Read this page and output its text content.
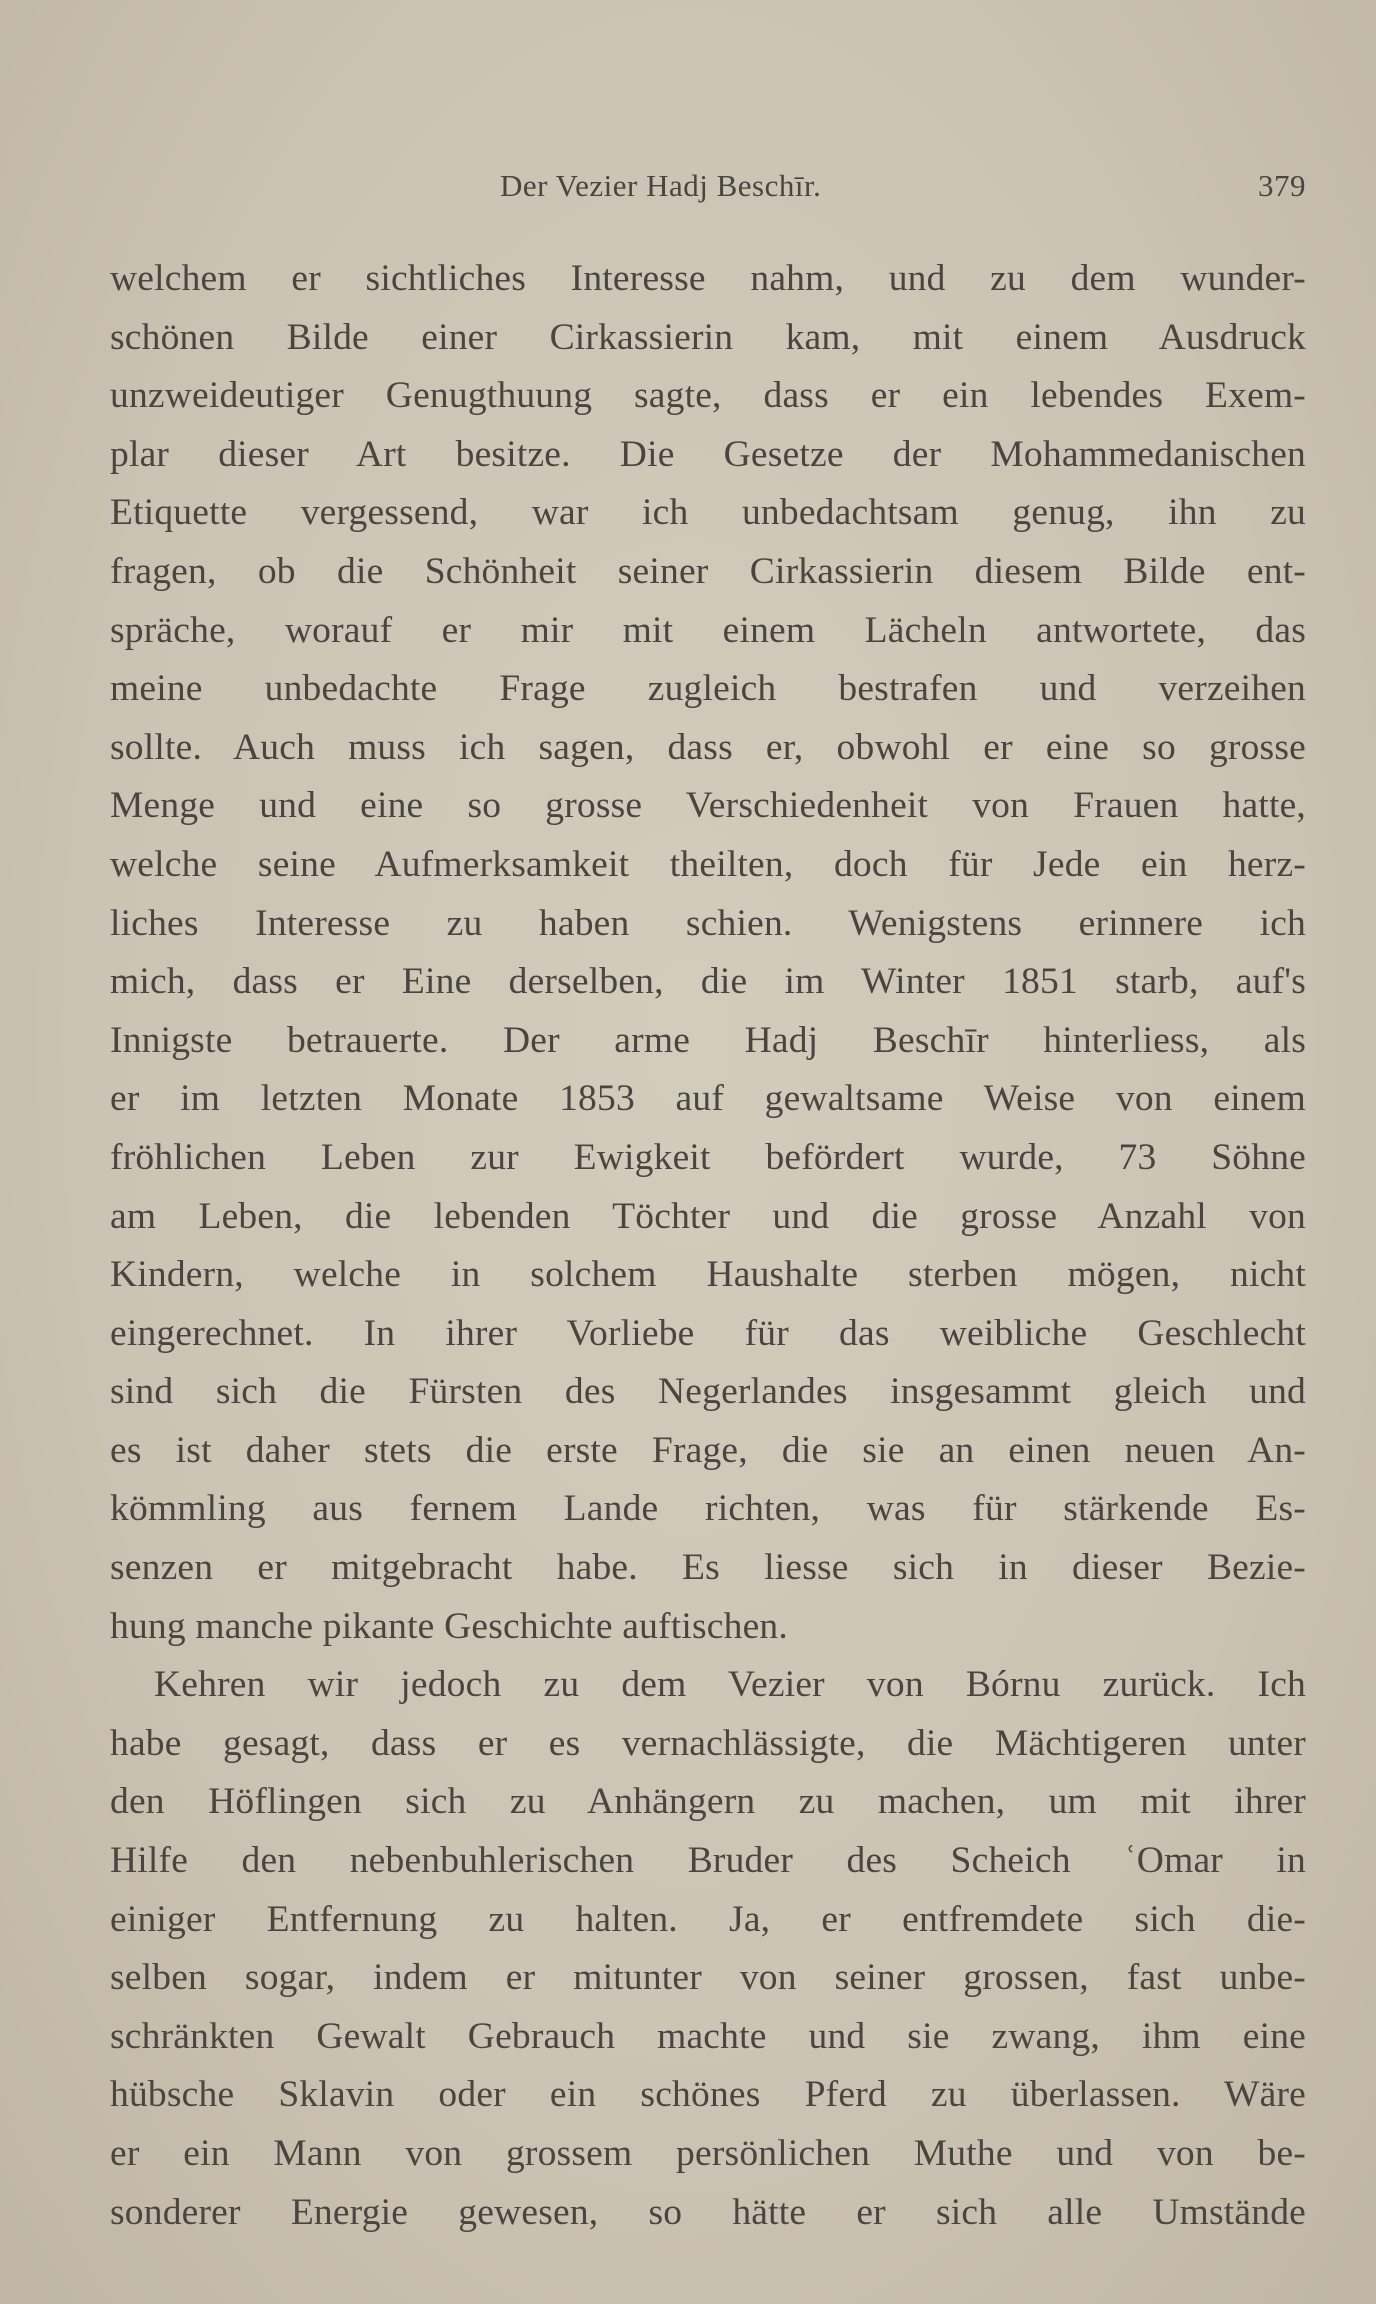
Der Vezier Hadj Beschīr.	379
welchem er sichtliches Interesse nahm, und zu dem wunder-
schönen Bilde einer Cirkassierin kam, mit einem Ausdruck
unzweideutiger Genugthuung sagte, dass er ein lebendes Exem-
plar dieser Art besitze. Die Gesetze der Mohammedanischen
Etiquette vergessend, war ich unbedachtsam genug, ihn zu
fragen, ob die Schönheit seiner Cirkassierin diesem Bilde ent-
spräche, worauf er mir mit einem Lächeln antwortete, das
meine unbedachte Frage zugleich bestrafen und verzeihen
sollte. Auch muss ich sagen, dass er, obwohl er eine so grosse
Menge und eine so grosse Verschiedenheit von Frauen hatte,
welche seine Aufmerksamkeit theilten, doch für Jede ein herz-
liches Interesse zu haben schien. Wenigstens erinnere ich
mich, dass er Eine derselben, die im Winter 1851 starb, auf's
Innigste betrauerte. Der arme Hadj Beschīr hinterliess, als
er im letzten Monate 1853 auf gewaltsame Weise von einem
fröhlichen Leben zur Ewigkeit befördert wurde, 73 Söhne
am Leben, die lebenden Töchter und die grosse Anzahl von
Kindern, welche in solchem Haushalte sterben mögen, nicht
eingerechnet. In ihrer Vorliebe für das weibliche Geschlecht
sind sich die Fürsten des Negerlandes insgesammt gleich und
es ist daher stets die erste Frage, die sie an einen neuen An-
kömmling aus fernem Lande richten, was für stärkende Es-
senzen er mitgebracht habe. Es liesse sich in dieser Bezie-
hung manche pikante Geschichte auftischen.
Kehren wir jedoch zu dem Vezier von Bórnu zurück. Ich
habe gesagt, dass er es vernachlässigte, die Mächtigeren unter
den Höflingen sich zu Anhängern zu machen, um mit ihrer
Hilfe den nebenbuhlerischen Bruder des Scheich ʿOmar in
einiger Entfernung zu halten. Ja, er entfremdete sich die-
selben sogar, indem er mitunter von seiner grossen, fast unbe-
schränkten Gewalt Gebrauch machte und sie zwang, ihm eine
hübsche Sklavin oder ein schönes Pferd zu überlassen. Wäre
er ein Mann von grossem persönlichen Muthe und von be-
sonderer Energie gewesen, so hätte er sich alle Umstände
